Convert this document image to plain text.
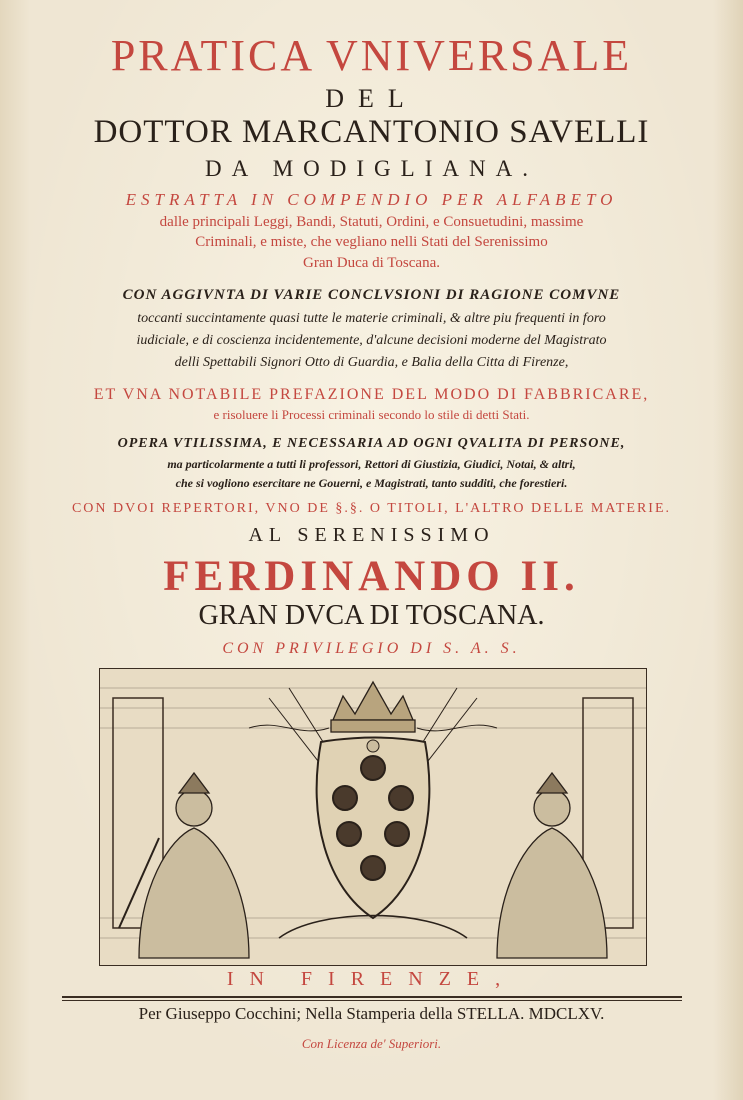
PRATICA VNIVERSALE
DEL
DOTTOR MARCANTONIO SAVELLI
DA MODIGLIANA.
ESTRATTA IN COMPENDIO PER ALFABETO
dalle principali Leggi, Bandi, Statuti, Ordini, e Consuetudini, massime
Criminali, e miste, che vegliano nelli Stati del Serenissimo
Gran Duca di Toscana.
CON AGGIVNTA DI VARIE CONCLVSIONI DI RAGIONE COMVNE
toccanti succintamente quasi tutte le materie criminali, & altre piu frequenti in foro
iudiciale, e di coscienza incidentemente, d'alcune decisioni moderne del Magistrato
delli Spettabili Signori Otto di Guardia, e Balia della Citta di Firenze,
ET VNA NOTABILE PREFAZIONE DEL MODO DI FABBRICARE,
e risoluere li Processi criminali secondo lo stile di detti Stati.
OPERA VTILISSIMA, E NECESSARIA AD OGNI QVALITA DI PERSONE,
ma particolarmente a tutti li professori, Rettori di Giustizia, Giudici, Notai, & altri,
che si vogliono esercitare ne Gouerni, e Magistrati, tanto sudditi, che forestieri.
CON DVOI REPERTORI, VNO DE §.§. O TITOLI, L'ALTRO DELLE MATERIE.
AL SERENISSIMO
FERDINANDO II.
GRAN DVCA DI TOSCANA.
CON PRIVILEGIO DI S. A. S.
IN FIRENZE,
Per Giuseppo Cocchini; Nella Stamperia della STELLA. MDCLXV.
Con Licenza de' Superiori.
